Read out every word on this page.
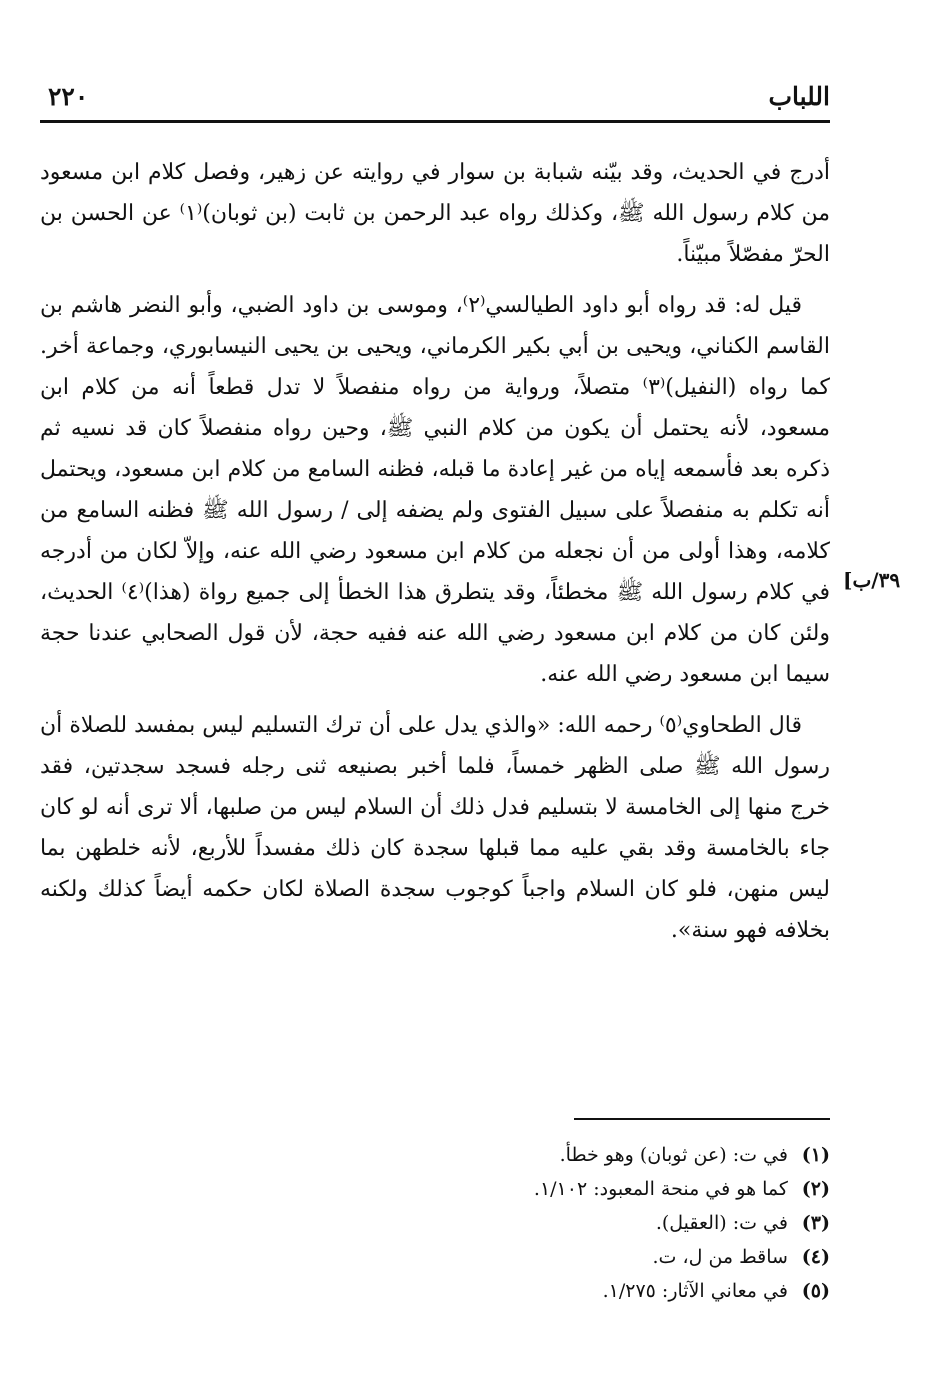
اللباب
٢٢٠

أدرج في الحديث، وقد بيّنه شبابة بن سوار في روايته عن زهير، وفصل كلام ابن مسعود من كلام رسول الله ﷺ، وكذلك رواه عبد الرحمن بن ثابت (بن ثوبان)⁽١⁾ عن الحسن بن الحرّ مفصّلاً مبيّناً.

قيل له: قد رواه أبو داود الطيالسي⁽٢⁾، وموسى بن داود الضبي، وأبو النضر هاشم بن القاسم الكناني، ويحيى بن أبي بكير الكرماني، ويحيى بن يحيى النيسابوري، وجماعة أخر. كما رواه (النفيل)⁽٣⁾ متصلاً، ورواية من رواه منفصلاً لا تدل قطعاً أنه من كلام ابن مسعود، لأنه يحتمل أن يكون من كلام النبي ﷺ، وحين رواه منفصلاً كان قد نسيه ثم ذكره بعد فأسمعه إياه من غير إعادة ما قبله، فظنه السامع من كلام ابن مسعود، ويحتمل أنه تكلم به منفصلاً على سبيل الفتوى ولم يضفه إلى / رسول الله ﷺ فظنه السامع من كلامه، وهذا أولى من أن نجعله من كلام ابن مسعود رضي الله عنه، وإلاّ لكان من أدرجه في كلام رسول الله ﷺ مخطئاً، وقد يتطرق هذا الخطأ إلى جميع رواة (هذا)⁽٤⁾ الحديث، ولئن كان من كلام ابن مسعود رضي الله عنه ففيه حجة، لأن قول الصحابي عندنا حجة سيما ابن مسعود رضي الله عنه.

قال الطحاوي⁽٥⁾ رحمه الله: «والذي يدل على أن ترك التسليم ليس بمفسد للصلاة أن رسول الله ﷺ صلى الظهر خمساً، فلما أخبر بصنيعه ثنى رجله فسجد سجدتين، فقد خرج منها إلى الخامسة لا بتسليم فدل ذلك أن السلام ليس من صلبها، ألا ترى أنه لو كان جاء بالخامسة وقد بقي عليه مما قبلها سجدة كان ذلك مفسداً للأربع، لأنه خلطهن بما ليس منهن، فلو كان السلام واجباً كوجوب سجدة الصلاة لكان حكمه أيضاً كذلك ولكنه بخلافه فهو سنة».

٣٩/ب]

(١) في ت: (عن ثوبان) وهو خطأ.

(٢) كما هو في منحة المعبود: ١/١٠٢.

(٣) في ت: (العقيل).

(٤) ساقط من ل، ت.

(٥) في معاني الآثار: ١/٢٧٥.
